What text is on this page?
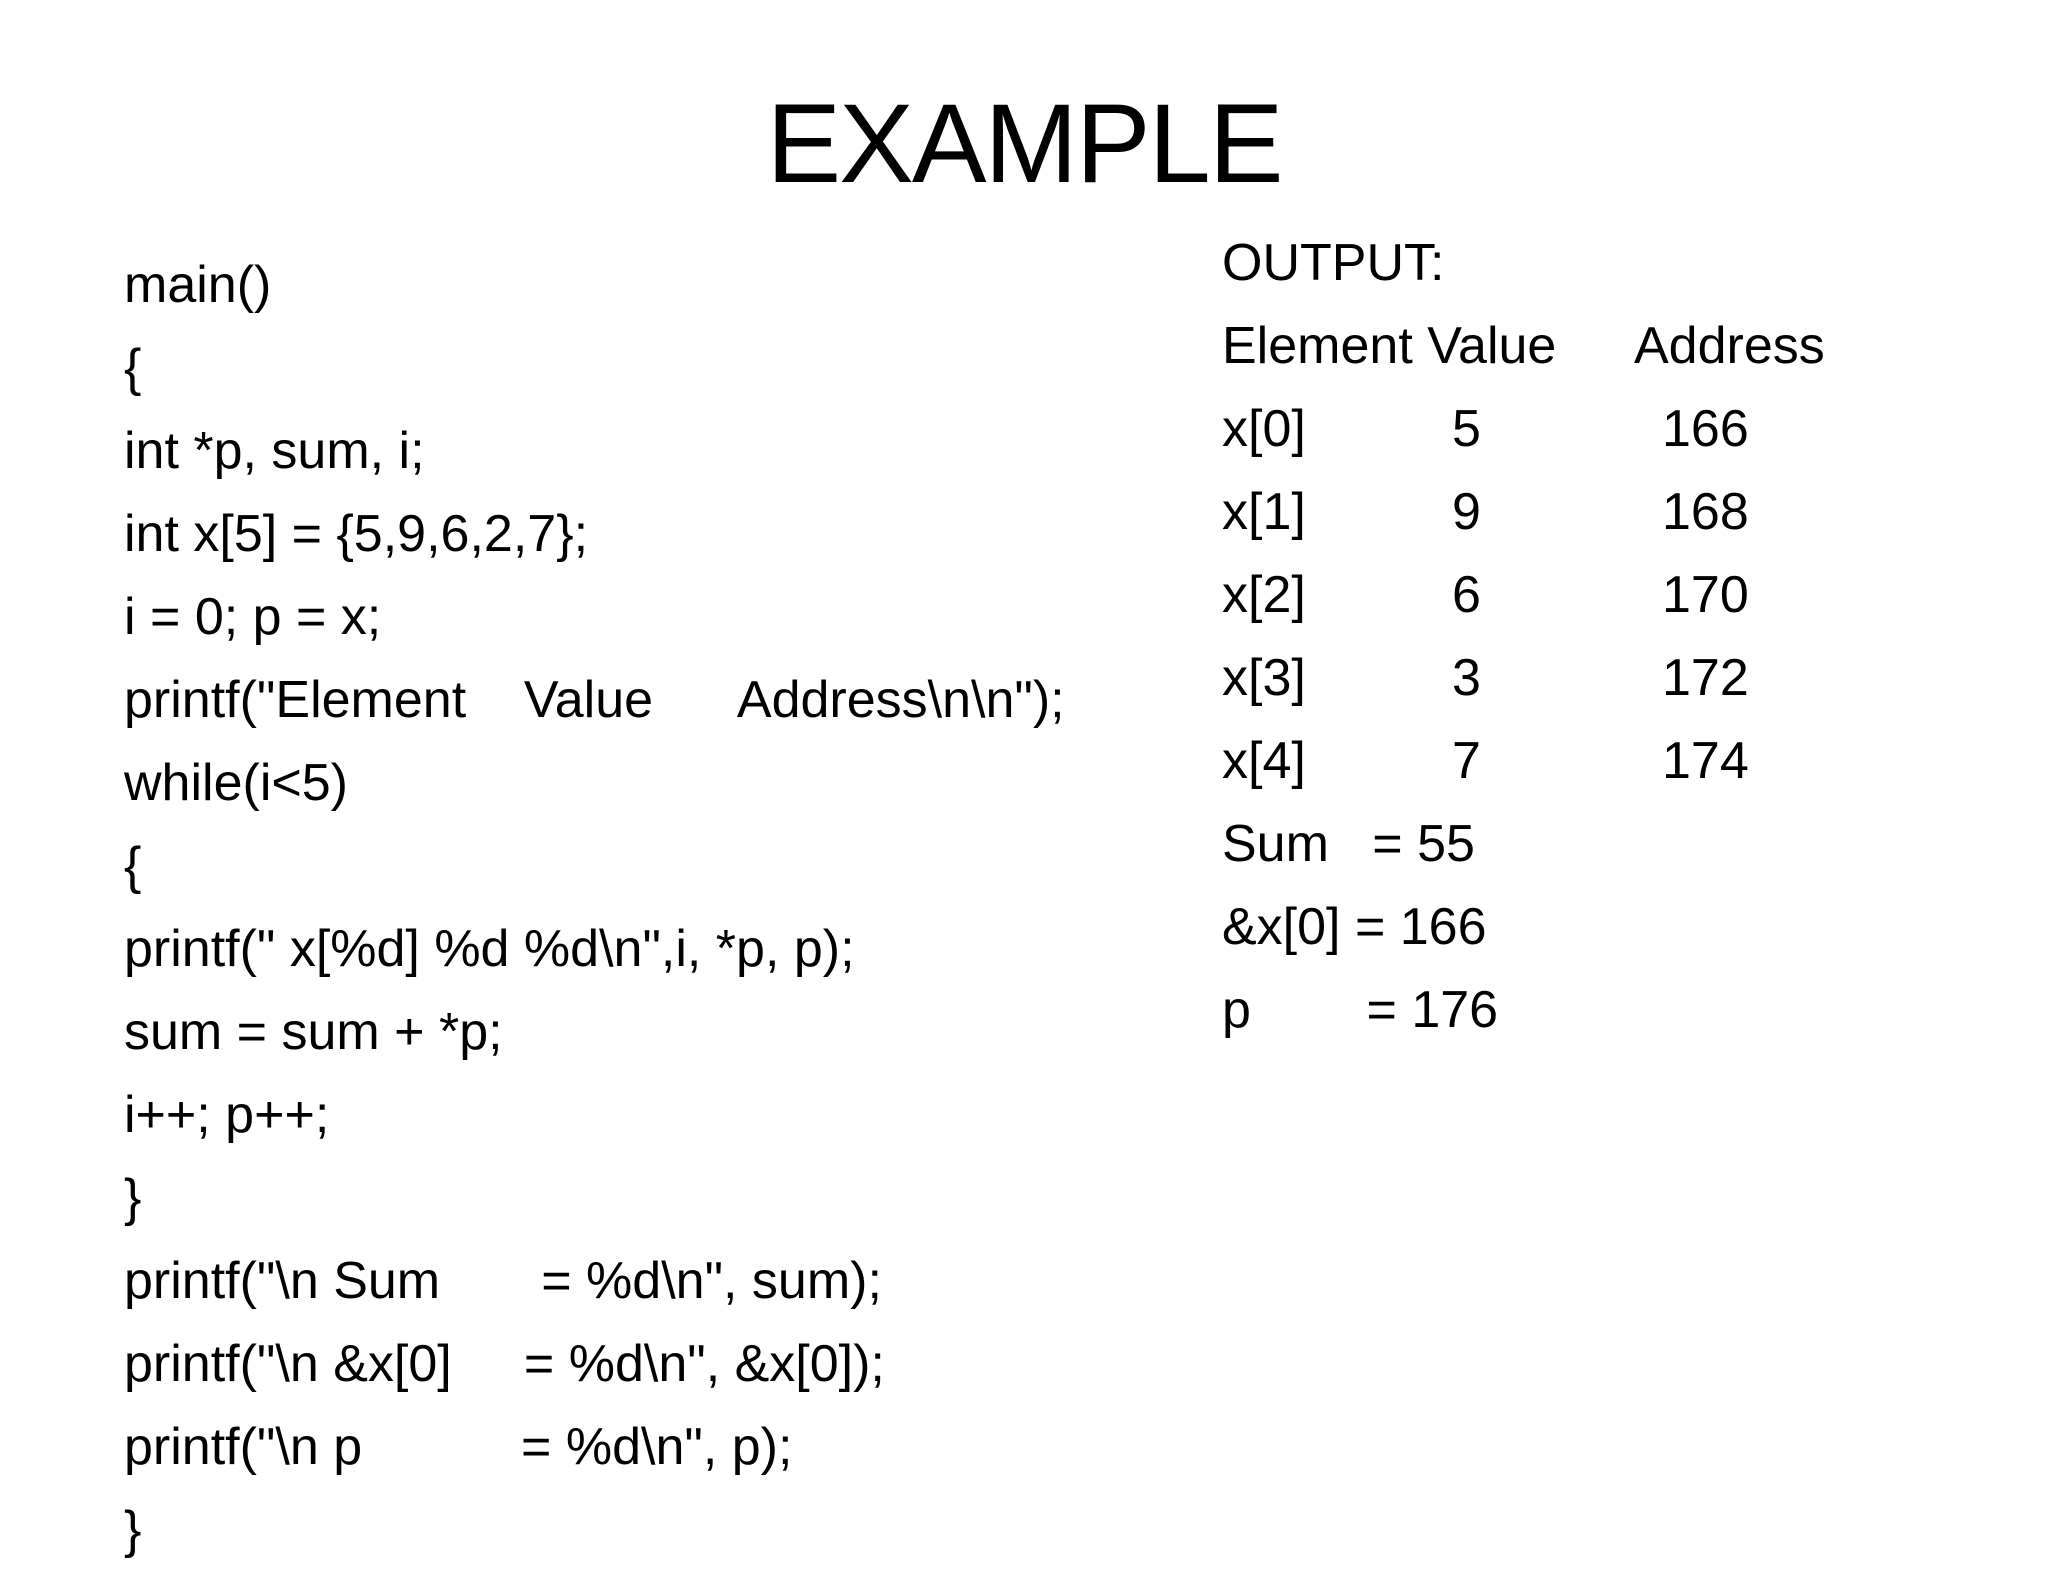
EXAMPLE
main()
{
int *p, sum, i;
int x[5] = {5,9,6,2,7};
i = 0; p = x;
printf("Element    Value      Address\n\n");
while(i<5)
{
printf(" x[%d] %d %d\n",i, *p, p);
sum = sum + *p;
i++; p++;
}
printf("\n Sum       = %d\n", sum);
printf("\n &x[0]     = %d\n", &x[0]);
printf("\n p           = %d\n", p);
}
OUTPUT:
Element Value Address
x[0]	5	166
x[1]	9	168
x[2]	6	170
x[3]	3	172
x[4]	7	174
Sum   = 55
&x[0] = 166
p        = 176
